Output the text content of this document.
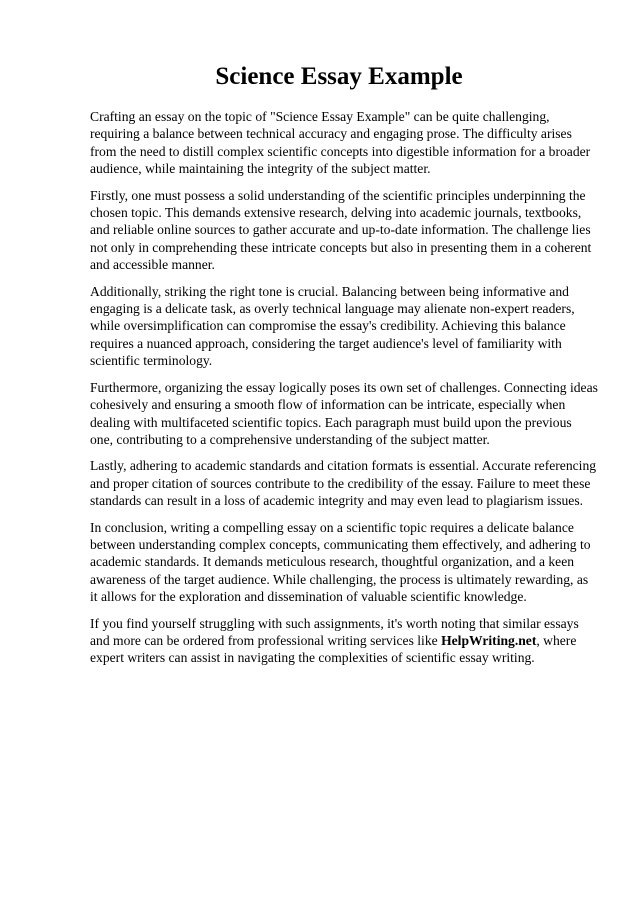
Science Essay Example

Crafting an essay on the topic of "Science Essay Example" can be quite challenging, requiring a balance between technical accuracy and engaging prose. The difficulty arises from the need to distill complex scientific concepts into digestible information for a broader audience, while maintaining the integrity of the subject matter.

Firstly, one must possess a solid understanding of the scientific principles underpinning the chosen topic. This demands extensive research, delving into academic journals, textbooks, and reliable online sources to gather accurate and up-to-date information. The challenge lies not only in comprehending these intricate concepts but also in presenting them in a coherent and accessible manner.

Additionally, striking the right tone is crucial. Balancing between being informative and engaging is a delicate task, as overly technical language may alienate non-expert readers, while oversimplification can compromise the essay's credibility. Achieving this balance requires a nuanced approach, considering the target audience's level of familiarity with scientific terminology.

Furthermore, organizing the essay logically poses its own set of challenges. Connecting ideas cohesively and ensuring a smooth flow of information can be intricate, especially when dealing with multifaceted scientific topics. Each paragraph must build upon the previous one, contributing to a comprehensive understanding of the subject matter.

Lastly, adhering to academic standards and citation formats is essential. Accurate referencing and proper citation of sources contribute to the credibility of the essay. Failure to meet these standards can result in a loss of academic integrity and may even lead to plagiarism issues.

In conclusion, writing a compelling essay on a scientific topic requires a delicate balance between understanding complex concepts, communicating them effectively, and adhering to academic standards. It demands meticulous research, thoughtful organization, and a keen awareness of the target audience. While challenging, the process is ultimately rewarding, as it allows for the exploration and dissemination of valuable scientific knowledge.

If you find yourself struggling with such assignments, it's worth noting that similar essays and more can be ordered from professional writing services like HelpWriting.net, where expert writers can assist in navigating the complexities of scientific essay writing.
